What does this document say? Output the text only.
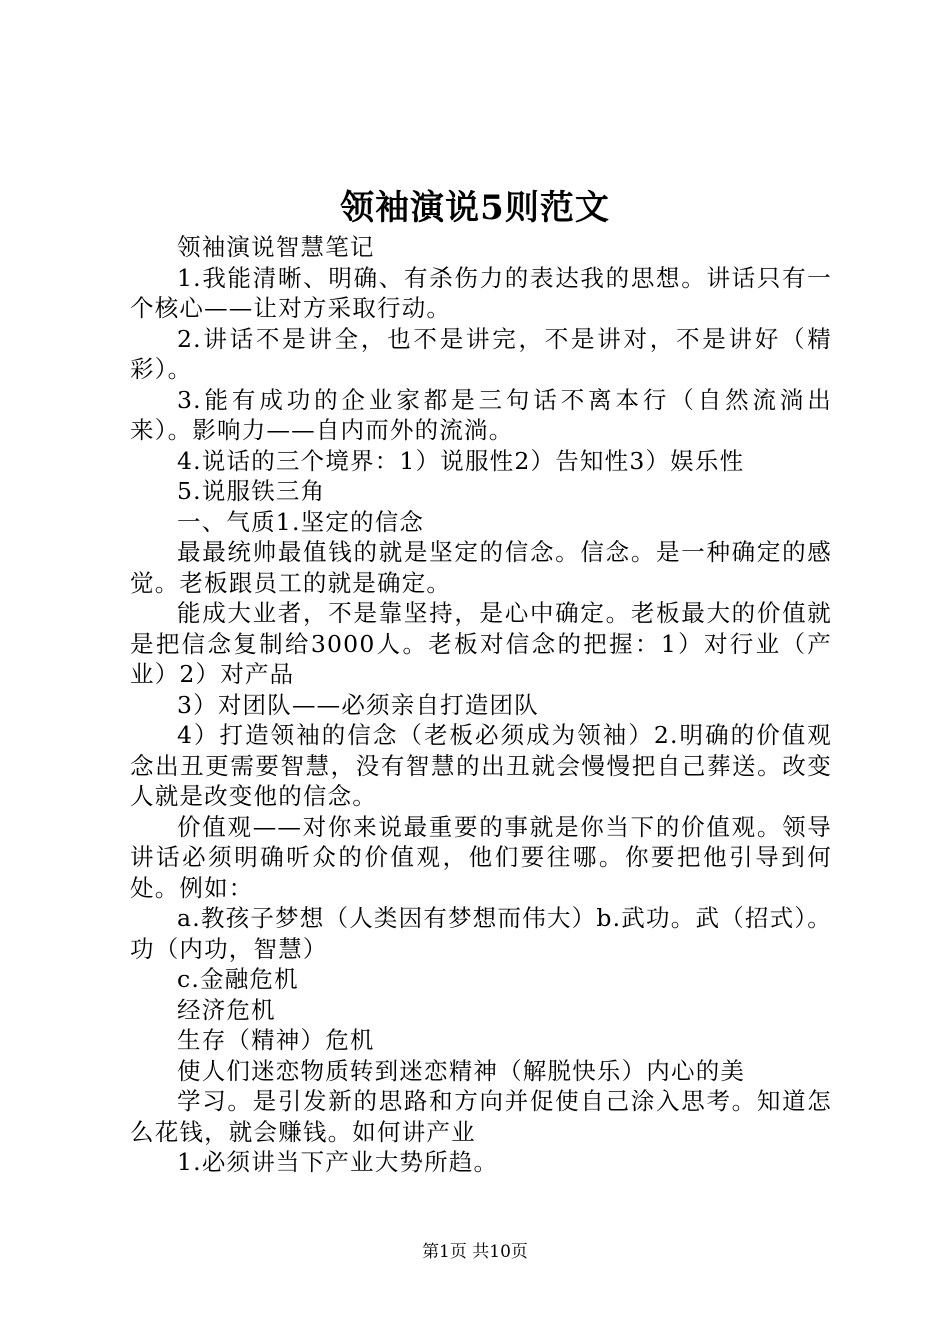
领袖演说5则范文

领袖演说智慧笔记

1.我能清晰、明确、有杀伤力的表达我的思想。讲话只有一个核心——让对方采取行动。

2.讲话不是讲全，也不是讲完，不是讲对，不是讲好（精彩）。

3.能有成功的企业家都是三句话不离本行（自然流淌出来）。影响力——自内而外的流淌。

4.说话的三个境界：1）说服性2）告知性3）娱乐性

5.说服铁三角

一、气质1.坚定的信念

最最统帅最值钱的就是坚定的信念。信念。是一种确定的感觉。老板跟员工的就是确定。

能成大业者，不是靠坚持，是心中确定。老板最大的价值就是把信念复制给3000人。老板对信念的把握：1）对行业（产业）2）对产品

3）对团队——必须亲自打造团队

4）打造领袖的信念（老板必须成为领袖）2.明确的价值观念出丑更需要智慧，没有智慧的出丑就会慢慢把自己葬送。改变人就是改变他的信念。

价值观——对你来说最重要的事就是你当下的价值观。领导讲话必须明确听众的价值观，他们要往哪。你要把他引导到何处。例如：

a.教孩子梦想（人类因有梦想而伟大）b.武功。武（招式）。功（内功，智慧）

c.金融危机

经济危机

生存（精神）危机

使人们迷恋物质转到迷恋精神（解脱快乐）内心的美

学习。是引发新的思路和方向并促使自己涂入思考。知道怎么花钱，就会赚钱。如何讲产业

1.必须讲当下产业大势所趋。

第1页 共10页
